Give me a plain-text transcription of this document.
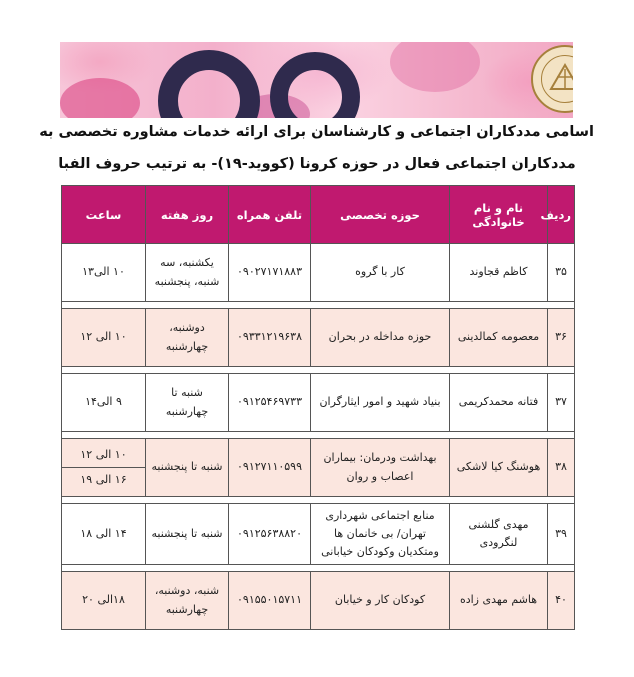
اسامی مددکاران اجتماعی و کارشناسان برای ارائه خدمات مشاوره تخصصی به
مددکاران اجتماعی فعال در حوزه کرونا (کووید-۱۹)- به ترتیب حروف الفبا
ردیف	نام و نام خانوادگی	حوزه تخصصی	تلفن همراه	روز هفته	ساعت
۳۵	کاظم قجاوند	کار با گروه	۰۹۰۲۷۱۷۱۸۸۳	یکشنبه، سه شنبه، پنجشنبه	۱۰ الی۱۳

۳۶	معصومه کمالدینی	حوزه مداخله در بحران	۰۹۳۳۱۲۱۹۶۳۸	دوشنبه، چهارشنبه	۱۰ الی ۱۲

۳۷	فتانه محمدکریمی	بنیاد شهید و امور ایثارگران	۰۹۱۲۵۴۶۹۷۳۳	شنبه تا چهارشنبه	۹ الی۱۴

۳۸	هوشنگ کیا لاشکی	بهداشت ودرمان: بیماران اعصاب و روان	۰۹۱۲۷۱۱۰۵۹۹	شنبه تا پنجشنبه	۱۰ الی ۱۲
۱۶ الی ۱۹

۳۹	مهدی گلشنی لنگرودی	منابع اجتماعی شهرداری تهران/ بی خانمان ها ومتکدیان وکودکان خیابانی	۰۹۱۲۵۶۳۸۸۲۰	شنبه تا پنجشنبه	۱۴ الی ۱۸

۴۰	هاشم مهدی زاده	کودکان کار و خیابان	۰۹۱۵۵۰۱۵۷۱۱	شنبه، دوشنبه، چهارشنبه	۱۸الی ۲۰
